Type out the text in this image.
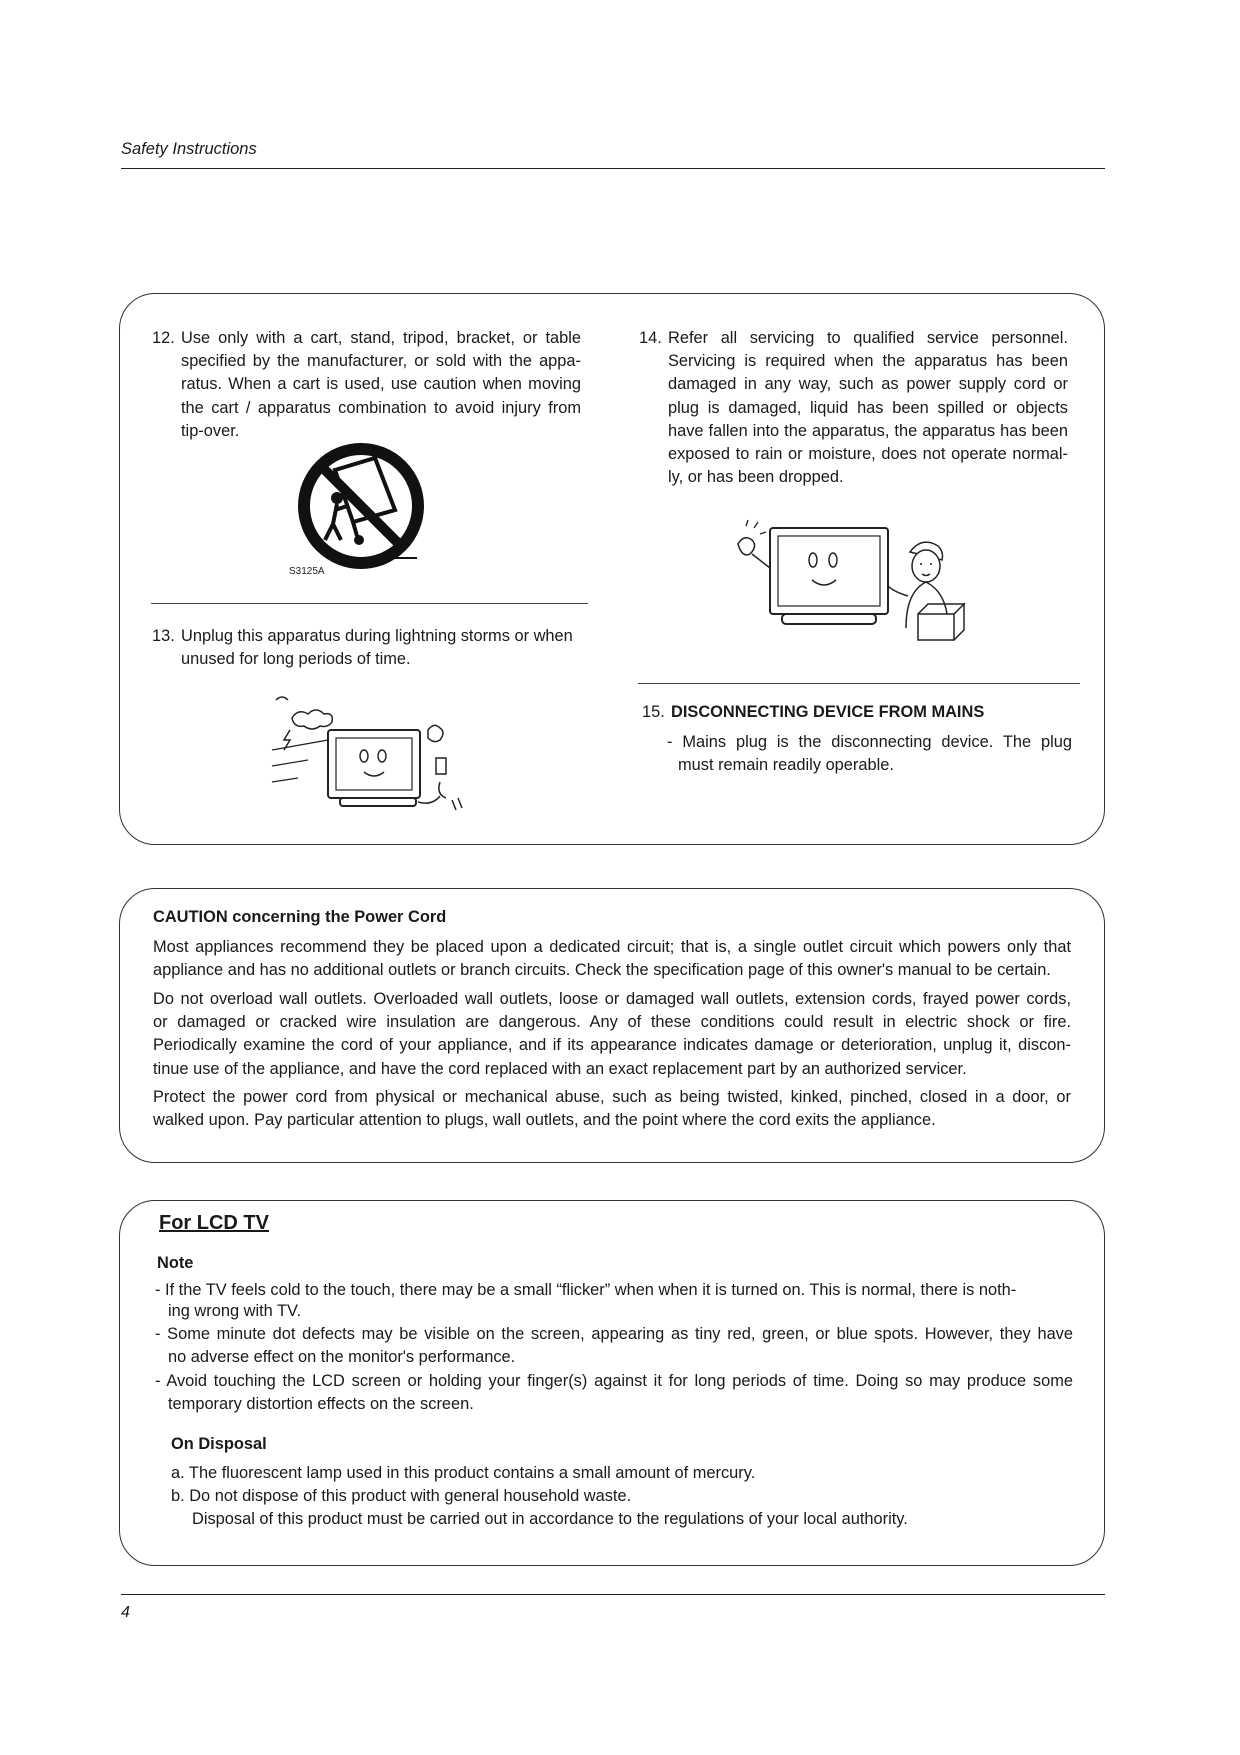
Safety Instructions
12. Use only with a cart, stand, tripod, bracket, or table
specified by the manufacturer, or sold with the appa-
ratus. When a cart is used, use caution when moving
the cart / apparatus combination to avoid injury from
tip-over.
S3125A
13. Unplug this apparatus during lightning storms or when
unused for long periods of time.
14. Refer all servicing to qualified service personnel.
Servicing is required when the apparatus has been
damaged in any way, such as power supply cord or
plug is damaged, liquid has been spilled or objects
have fallen into the apparatus, the apparatus has been
exposed to rain or moisture, does not operate normal-
ly, or has been dropped.
15. DISCONNECTING DEVICE FROM MAINS
- Mains plug is the disconnecting device. The plug
must remain readily operable.
CAUTION concerning the Power Cord
Most appliances recommend they be placed upon a dedicated circuit; that is, a single outlet circuit which powers only that
appliance and has no additional outlets or branch circuits. Check the specification page of this owner's manual to be certain.
Do not overload wall outlets. Overloaded wall outlets, loose or damaged wall outlets, extension cords, frayed power cords,
or damaged or cracked wire insulation are dangerous. Any of these conditions could result in electric shock or fire.
Periodically examine the cord of your appliance, and if its appearance indicates damage or deterioration, unplug it, discon-
tinue use of the appliance, and have the cord replaced with an exact replacement part by an authorized servicer.
Protect the power cord from physical or mechanical abuse, such as being twisted, kinked, pinched, closed in a door, or
walked upon. Pay particular attention to plugs, wall outlets, and the point where the cord exits the appliance.
For LCD TV
Note
- If the TV feels cold to the touch, there may be a small “flicker” when when it is turned on. This is normal, there is noth-
ing wrong with TV.
- Some minute dot defects may be visible on the screen, appearing as tiny red, green, or blue spots. However, they have
no adverse effect on the monitor's performance.
- Avoid touching the LCD screen or holding your finger(s) against it for long periods of time. Doing so may produce some
temporary distortion effects on the screen.
On Disposal
a. The fluorescent lamp used in this product contains a small amount of mercury.
b. Do not dispose of this product with general household waste.
Disposal of this product must be carried out in accordance to the regulations of your local authority.
4
